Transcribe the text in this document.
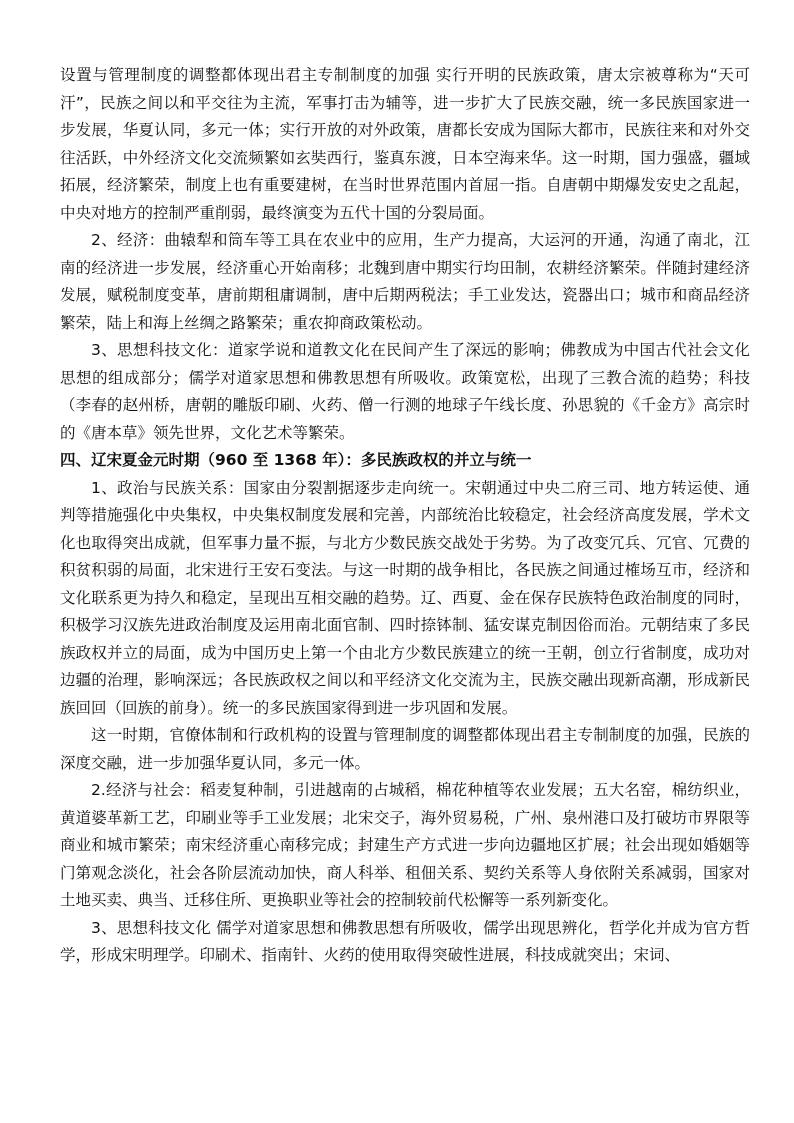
设置与管理制度的调整都体现出君主专制制度的加强 实行开明的民族政策，唐太宗被尊称为“天可汗”，民族之间以和平交往为主流，军事打击为辅等，进一步扩大了民族交融，统一多民族国家进一步发展，华夏认同，多元一体；实行开放的对外政策，唐都长安成为国际大都市，民族往来和对外交往活跃，中外经济文化交流频繁如玄奘西行，鉴真东渡，日本空海来华。这一时期，国力强盛，疆域拓展，经济繁荣，制度上也有重要建树，在当时世界范围内首屈一指。自唐朝中期爆发安史之乱起，中央对地方的控制严重削弱，最终演变为五代十国的分裂局面。

2、经济：曲辕犁和筒车等工具在农业中的应用，生产力提高，大运河的开通，沟通了南北，江南的经济进一步发展，经济重心开始南移；北魏到唐中期实行均田制，农耕经济繁荣。伴随封建经济发展，赋税制度变革，唐前期租庸调制，唐中后期两税法；手工业发达，瓷器出口；城市和商品经济繁荣，陆上和海上丝绸之路繁荣；重农抑商政策松动。

3、思想科技文化：道家学说和道教文化在民间产生了深远的影响；佛教成为中国古代社会文化思想的组成部分；儒学对道家思想和佛教思想有所吸收。政策宽松，出现了三教合流的趋势；科技（李春的赵州桥，唐朝的雕版印刷、火药、僧一行测的地球子午线长度、孙思貌的《千金方》高宗时的《唐本草》领先世界，文化艺术等繁荣。

四、辽宋夏金元时期（960 至 1368 年）：多民族政权的并立与统一

1、政治与民族关系：国家由分裂割据逐步走向统一。宋朝通过中央二府三司、地方转运使、通判等措施强化中央集权，中央集权制度发展和完善，内部统治比较稳定，社会经济高度发展，学术文化也取得突出成就，但军事力量不振，与北方少数民族交战处于劣势。为了改变冗兵、冗官、冗费的积贫积弱的局面，北宋进行王安石变法。与这一时期的战争相比，各民族之间通过榷场互市，经济和文化联系更为持久和稳定，呈现出互相交融的趋势。辽、西夏、金在保存民族特色政治制度的同时，积极学习汉族先进政治制度及运用南北面官制、四时捺钵制、猛安谋克制因俗而治。元朝结束了多民族政权并立的局面，成为中国历史上第一个由北方少数民族建立的统一王朝，创立行省制度，成功对边疆的治理，影响深远；各民族政权之间以和平经济文化交流为主，民族交融出现新高潮，形成新民族回回（回族的前身）。统一的多民族国家得到进一步巩固和发展。

这一时期，官僚体制和行政机构的设置与管理制度的调整都体现出君主专制制度的加强，民族的深度交融，进一步加强华夏认同，多元一体。

2.经济与社会：稻麦复种制，引进越南的占城稻，棉花种植等农业发展；五大名窑，棉纺织业，黄道婆革新工艺，印刷业等手工业发展；北宋交子，海外贸易税，广州、泉州港口及打破坊市界限等商业和城市繁荣；南宋经济重心南移完成；封建生产方式进一步向边疆地区扩展；社会出现如婚姻等门第观念淡化，社会各阶层流动加快，商人科举、租佃关系、契约关系等人身依附关系减弱，国家对土地买卖、典当、迁移住所、更换职业等社会的控制较前代松懈等一系列新变化。

3、思想科技文化 儒学对道家思想和佛教思想有所吸收，儒学出现思辨化，哲学化并成为官方哲学，形成宋明理学。印刷术、指南针、火药的使用取得突破性进展，科技成就突出；宋词、
